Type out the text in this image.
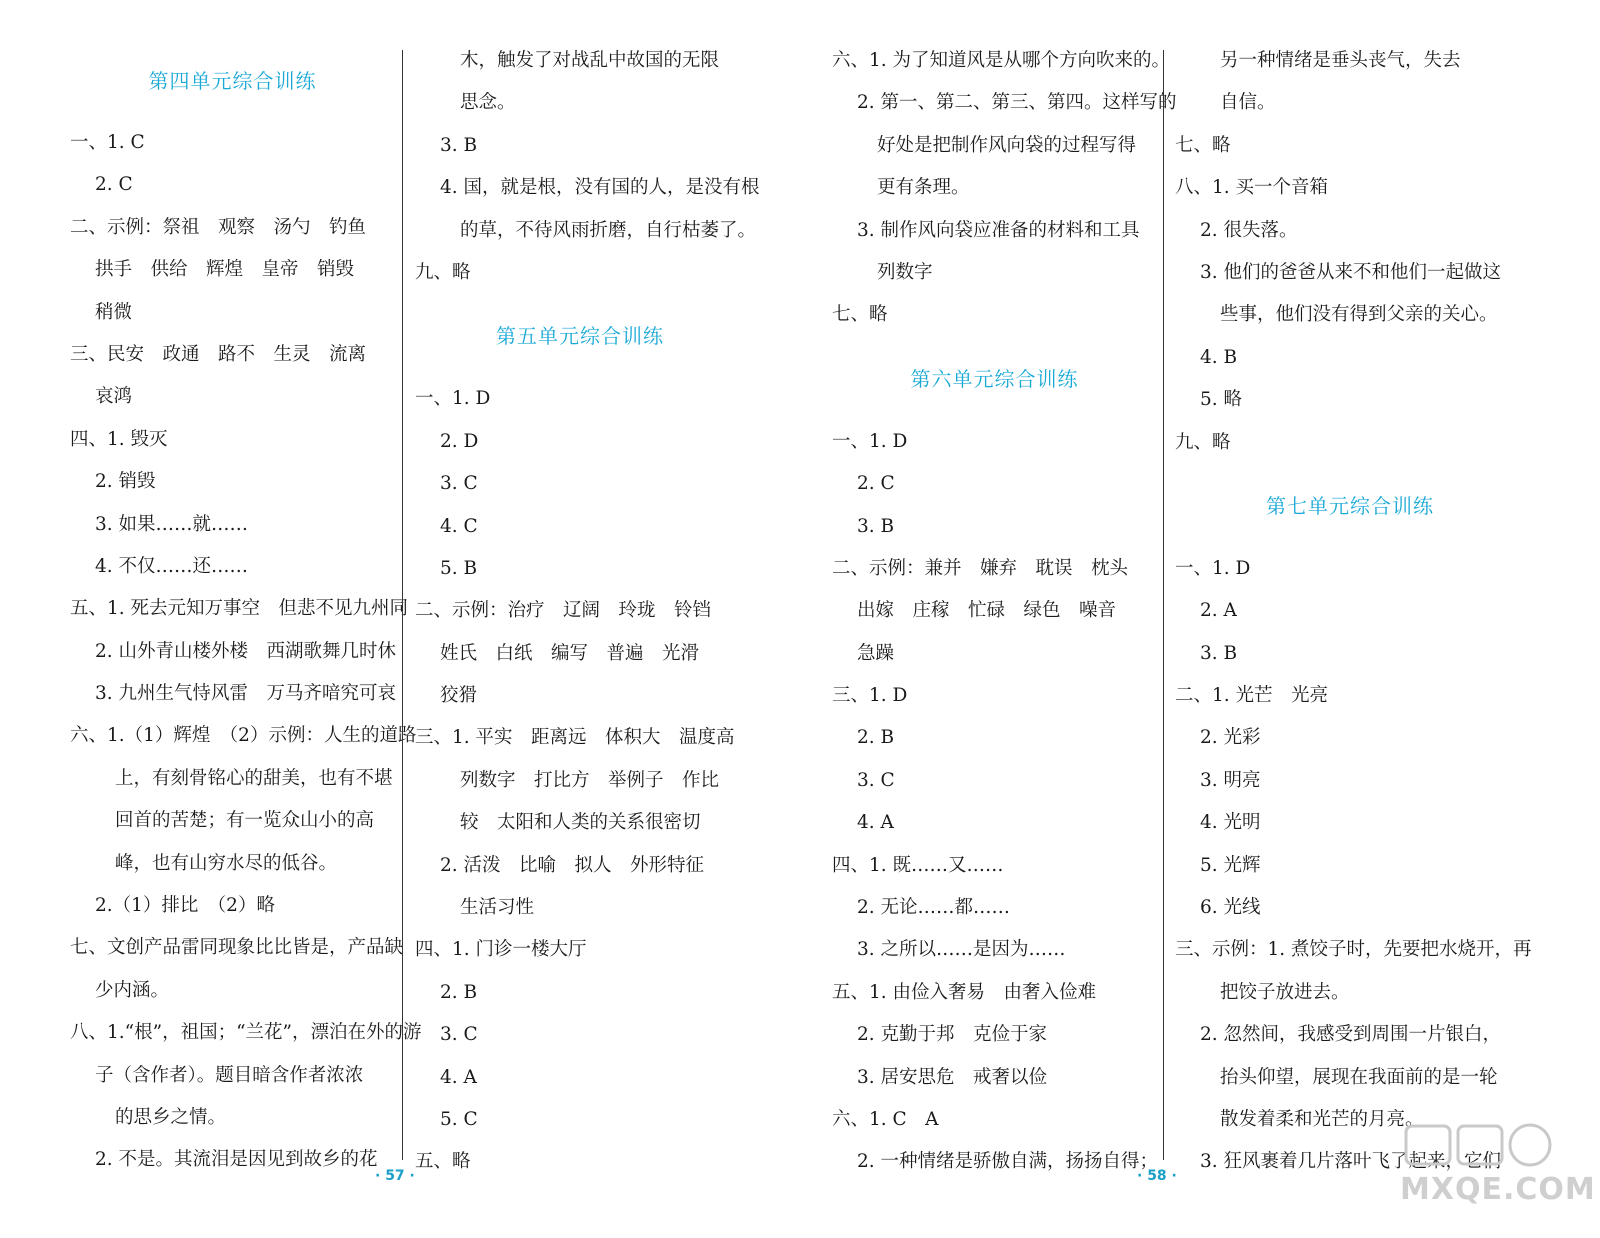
第四单元综合训练
一、1. C
2. C
二、示例：祭祖　观察　汤勺　钓鱼
拱手　供给　辉煌　皇帝　销毁
稍微
三、民安　政通　路不　生灵　流离
哀鸿
四、1. 毁灭
2. 销毁
3. 如果……就……
4. 不仅……还……
五、1. 死去元知万事空　但悲不见九州同
2. 山外青山楼外楼　西湖歌舞几时休
3. 九州生气恃风雷　万马齐喑究可哀
六、1.（1）辉煌　（2）示例：人生的道路
上，有刻骨铭心的甜美，也有不堪
回首的苦楚；有一览众山小的高
峰，也有山穷水尽的低谷。
2.（1）排比　（2）略
七、文创产品雷同现象比比皆是，产品缺
少内涵。
八、1.“根”，祖国；“兰花”，漂泊在外的游
子（含作者）。题目暗含作者浓浓
的思乡之情。
2. 不是。其流泪是因见到故乡的花
木，触发了对战乱中故国的无限
思念。
3. B
4. 国，就是根，没有国的人，是没有根
的草，不待风雨折磨，自行枯萎了。
九、略
第五单元综合训练
一、1. D
2. D
3. C
4. C
5. B
二、示例：治疗　辽阔　玲珑　铃铛
姓氏　白纸　编写　普遍　光滑
狡猾
三、1. 平实　距离远　体积大　温度高
列数字　打比方　举例子　作比
较　太阳和人类的关系很密切
2. 活泼　比喻　拟人　外形特征
生活习性
四、1. 门诊一楼大厅
2. B
3. C
4. A
5. C
五、略
六、1. 为了知道风是从哪个方向吹来的。
2. 第一、第二、第三、第四。这样写的
好处是把制作风向袋的过程写得
更有条理。
3. 制作风向袋应准备的材料和工具
列数字
七、略
第六单元综合训练
一、1. D
2. C
3. B
二、示例：兼并　嫌弃　耽误　枕头
出嫁　庄稼　忙碌　绿色　噪音
急躁
三、1. D
2. B
3. C
4. A
四、1. 既……又……
2. 无论……都……
3. 之所以……是因为……
五、1. 由俭入奢易　由奢入俭难
2. 克勤于邦　克俭于家
3. 居安思危　戒奢以俭
六、1. C　A
2. 一种情绪是骄傲自满，扬扬自得；
另一种情绪是垂头丧气，失去
自信。
七、略
八、1. 买一个音箱
2. 很失落。
3. 他们的爸爸从来不和他们一起做这
些事，他们没有得到父亲的关心。
4. B
5. 略
九、略
第七单元综合训练
一、1. D
2. A
3. B
二、1. 光芒　光亮
2. 光彩
3. 明亮
4. 光明
5. 光辉
6. 光线
三、示例：1. 煮饺子时，先要把水烧开，再
把饺子放进去。
2. 忽然间，我感受到周围一片银白，
抬头仰望，展现在我面前的是一轮
散发着柔和光芒的月亮。
3. 狂风裹着几片落叶飞了起来，它们
· 57 ·	· 58 ·	MXQE.COM
